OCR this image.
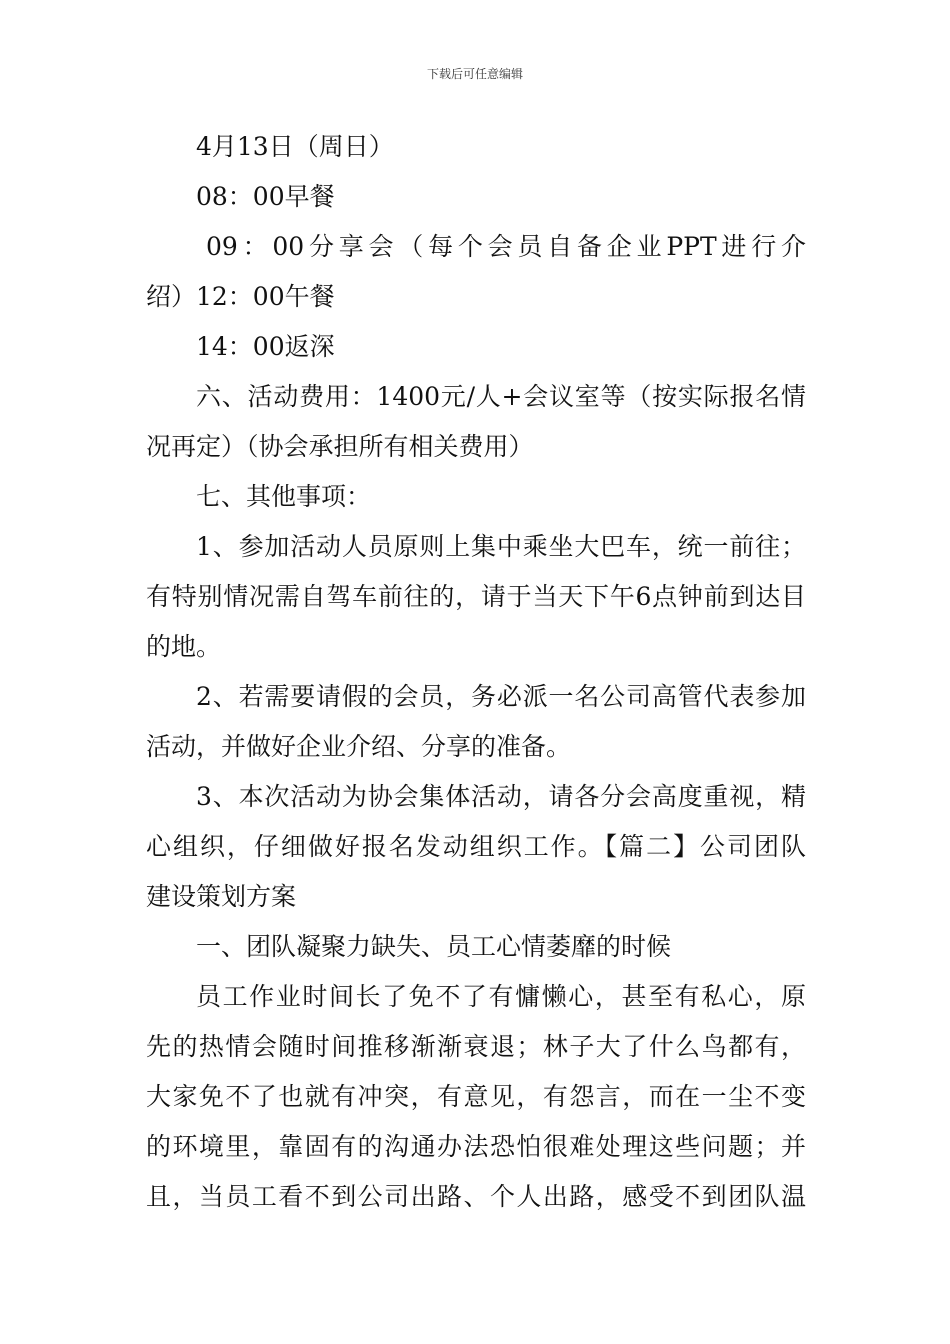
下载后可任意编辑
4月13日（周日）
08：00早餐
09：00分享会（每个会员自备企业PPT进行介
绍）12：00午餐
14：00返深
六、活动费用：1400元/人+会议室等（按实际报名情
况再定）（协会承担所有相关费用）
七、其他事项：
1、参加活动人员原则上集中乘坐大巴车，统一前往；
有特别情况需自驾车前往的，请于当天下午6点钟前到达目
的地。
2、若需要请假的会员，务必派一名公司高管代表参加
活动，并做好企业介绍、分享的准备。
3、本次活动为协会集体活动，请各分会高度重视，精
心组织，仔细做好报名发动组织工作。【篇二】公司团队
建设策划方案
一、团队凝聚力缺失、员工心情萎靡的时候
员工作业时间长了免不了有慵懒心，甚至有私心，原
先的热情会随时间推移渐渐衰退；林子大了什么鸟都有，
大家免不了也就有冲突，有意见，有怨言，而在一尘不变
的环境里，靠固有的沟通办法恐怕很难处理这些问题；并
且，当员工看不到公司出路、个人出路，感受不到团队温
